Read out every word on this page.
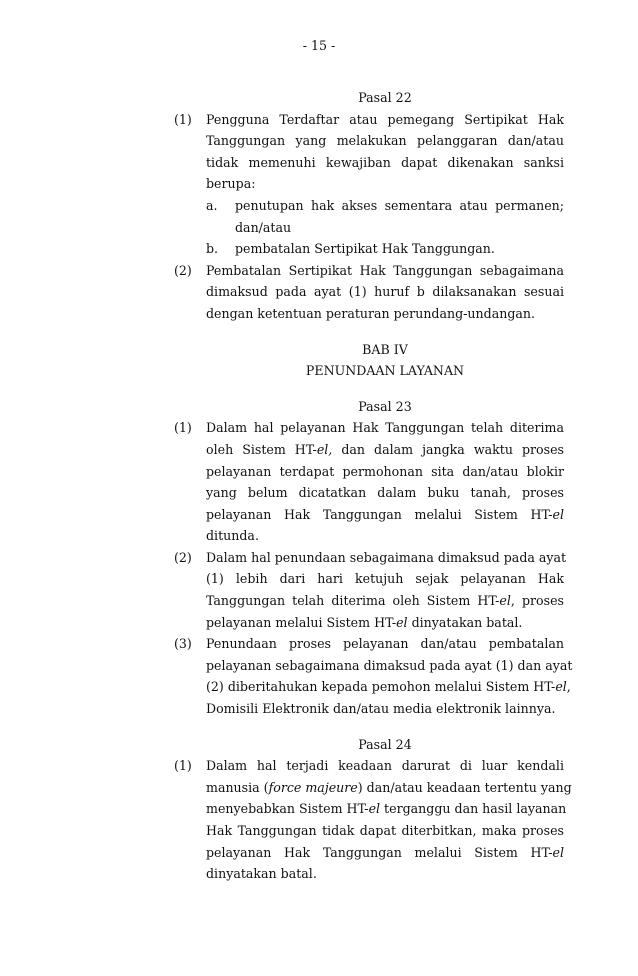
- 15 -
Pasal 22
(1) Pengguna Terdaftar atau pemegang Sertipikat Hak
Tanggungan yang melakukan pelanggaran dan/atau
tidak memenuhi kewajiban dapat dikenakan sanksi
berupa:
a. penutupan hak akses sementara atau permanen;
dan/atau
b. pembatalan Sertipikat Hak Tanggungan.
(2) Pembatalan Sertipikat Hak Tanggungan sebagaimana
dimaksud pada ayat (1) huruf b dilaksanakan sesuai
dengan ketentuan peraturan perundang-undangan.
BAB IV
PENUNDAAN LAYANAN
Pasal 23
(1) Dalam hal pelayanan Hak Tanggungan telah diterima
oleh Sistem HT-el, dan dalam jangka waktu proses
pelayanan terdapat permohonan sita dan/atau blokir
yang belum dicatatkan dalam buku tanah, proses
pelayanan Hak Tanggungan melalui Sistem HT-el
ditunda.
(2) Dalam hal penundaan sebagaimana dimaksud pada ayat
(1) lebih dari hari ketujuh sejak pelayanan Hak
Tanggungan telah diterima oleh Sistem HT-el, proses
pelayanan melalui Sistem HT-el dinyatakan batal.
(3) Penundaan proses pelayanan dan/atau pembatalan
pelayanan sebagaimana dimaksud pada ayat (1) dan ayat
(2) diberitahukan kepada pemohon melalui Sistem HT-el,
Domisili Elektronik dan/atau media elektronik lainnya.
Pasal 24
(1) Dalam hal terjadi keadaan darurat di luar kendali
manusia (force majeure) dan/atau keadaan tertentu yang
menyebabkan Sistem HT-el terganggu dan hasil layanan
Hak Tanggungan tidak dapat diterbitkan, maka proses
pelayanan Hak Tanggungan melalui Sistem HT-el
dinyatakan batal.
